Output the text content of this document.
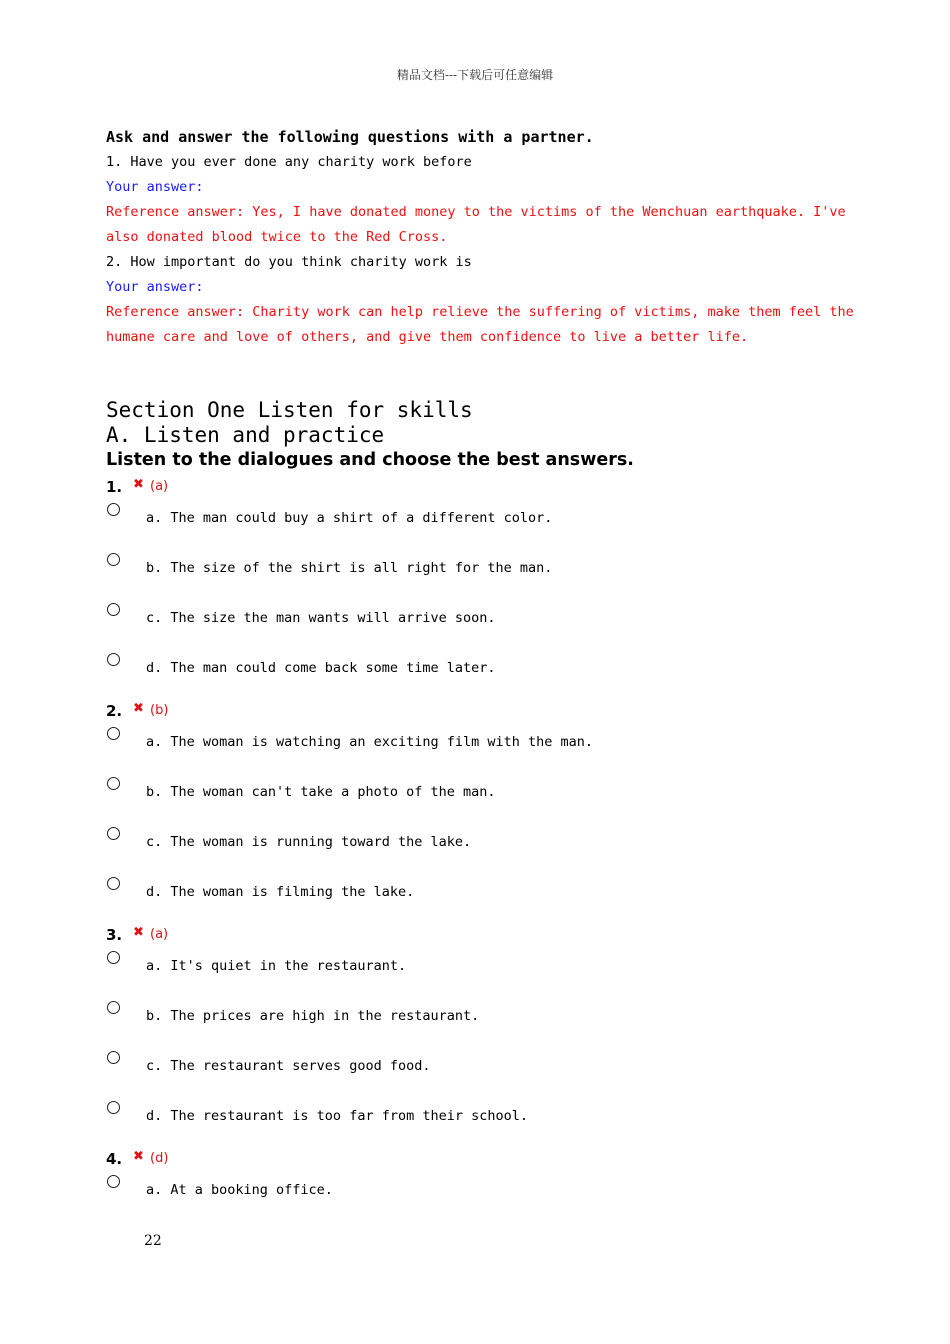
精品文档---下载后可任意编辑
Ask and answer the following questions with a partner.
1. Have you ever done any charity work before
Your answer:
Reference answer: Yes, I have donated money to the victims of the Wenchuan earthquake. I've
also donated blood twice to the Red Cross.
2. How important do you think charity work is
Your answer:
Reference answer: Charity work can help relieve the suffering of victims, make them feel the
humane care and love of others, and give them confidence to live a better life.
Section One Listen for skills
A. Listen and practice
Listen to the dialogues and choose the best answers.
1. ✖ (a)
a. The man could buy a shirt of a different color.
b. The size of the shirt is all right for the man.
c. The size the man wants will arrive soon.
d. The man could come back some time later.
2. ✖ (b)
a. The woman is watching an exciting film with the man.
b. The woman can't take a photo of the man.
c. The woman is running toward the lake.
d. The woman is filming the lake.
3. ✖ (a)
a. It's quiet in the restaurant.
b. The prices are high in the restaurant.
c. The restaurant serves good food.
d. The restaurant is too far from their school.
4. ✖ (d)
a. At a booking office.
22
